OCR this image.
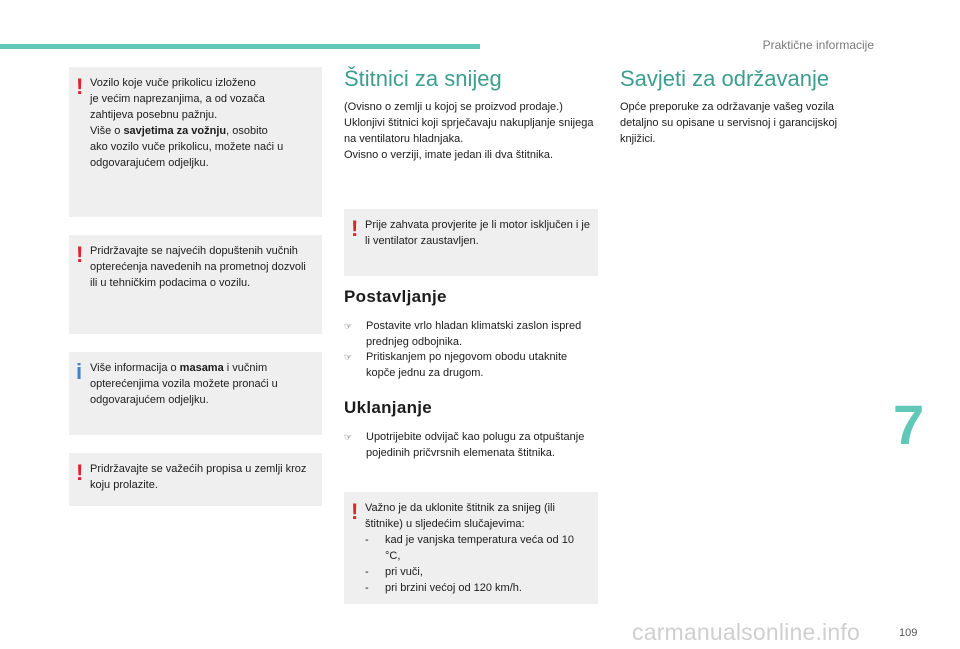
Praktične informacije
7
109
carmanualsonline.info
! Vozilo koje vuče prikolicu izloženo
je većim naprezanjima, a od vozača
zahtijeva posebnu pažnju.
Više o savjetima za vožnju, osobito
ako vozilo vuče prikolicu, možete naći u
odgovarajućem odjeljku.
! Pridržavajte se najvećih dopuštenih vučnih opterećenja navedenih na prometnoj dozvoli ili u tehničkim podacima o vozilu.
i Više informacija o masama i vučnim opterećenjima vozila možete pronaći u odgovarajućem odjeljku.
! Pridržavajte se važećih propisa u zemlji kroz koju prolazite.
Štitnici za snijeg

(Ovisno o zemlji u kojoj se proizvod prodaje.) Uklonjivi štitnici koji sprječavaju nakupljanje snijega na ventilatoru hladnjaka.

Ovisno o verziji, imate jedan ili dva štitnika.

! Prije zahvata provjerite je li motor isključen i je li ventilator zaustavljen.
Postavljanje
☞ Postavite vrlo hladan klimatski zaslon ispred prednjeg odbojnika.
☞ Pritiskanjem po njegovom obodu utaknite kopče jednu za drugom.
Uklanjanje
☞ Upotrijebite odvijač kao polugu za otpuštanje pojedinih pričvrsnih elemenata štitnika.
! Važno je da uklonite štitnik za snijeg (ili štitnike) u sljedećim slučajevima:

- kad je vanjska temperatura veća od 10 °C,
- pri vuči,
- pri brzini većoj od 120 km/h.
Savjeti za održavanje
Opće preporuke za održavanje vašeg vozila detaljno su opisane u servisnoj i garancijskoj knjižici.
